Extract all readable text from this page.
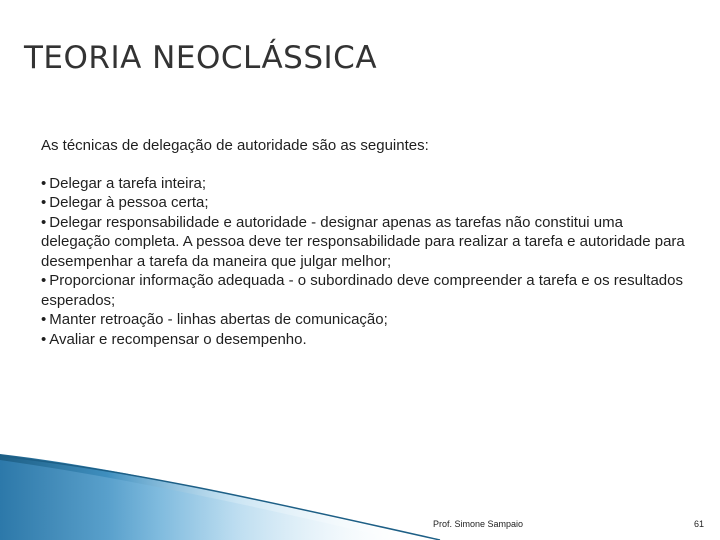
TEORIA NEOCLÁSSICA

As técnicas de delegação de autoridade são as seguintes:

• Delegar a tarefa inteira;
• Delegar à pessoa certa;
• Delegar responsabilidade e autoridade - designar apenas as tarefas não constitui uma delegação completa. A pessoa deve ter responsabilidade para realizar a tarefa e autoridade para desempenhar a tarefa da maneira que julgar melhor;
• Proporcionar informação adequada - o subordinado deve compreender a tarefa e os resultados esperados;
• Manter retroação - linhas abertas de comunicação;
• Avaliar e recompensar o desempenho.
Prof. Simone Sampaio	61
